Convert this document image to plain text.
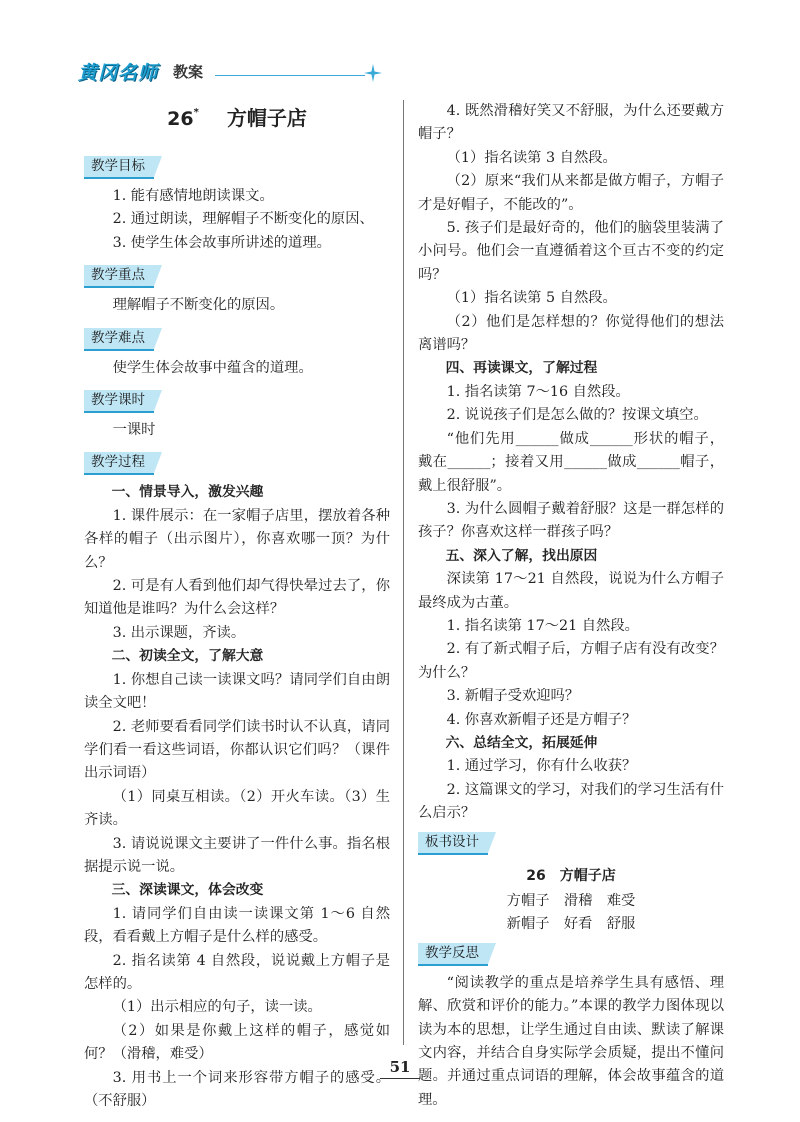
黄冈名师 教案
26* 方帽子店
教学目标

1. 能有感情地朗读课文。

2. 通过朗读，理解帽子不断变化的原因、

3. 使学生体会故事所讲述的道理。

教学重点

理解帽子不断变化的原因。

教学难点

使学生体会故事中蕴含的道理。

教学课时

一课时

教学过程

一、情景导入，激发兴趣

1. 课件展示：在一家帽子店里，摆放着各种各样的帽子（出示图片），你喜欢哪一顶？为什么？

2. 可是有人看到他们却气得快晕过去了，你知道他是谁吗？为什么会这样？

3. 出示课题，齐读。

二、初读全文，了解大意

1. 你想自己读一读课文吗？请同学们自由朗读全文吧！

2. 老师要看看同学们读书时认不认真，请同学们看一看这些词语，你都认识它们吗？（课件出示词语）

（1）同桌互相读。（2）开火车读。（3）生齐读。

3. 请说说课文主要讲了一件什么事。指名根据提示说一说。

三、深读课文，体会改变

1. 请同学们自由读一读课文第 1～6 自然段，看看戴上方帽子是什么样的感受。

2. 指名读第 4 自然段，说说戴上方帽子是怎样的。

（1）出示相应的句子，读一读。

（2）如果是你戴上这样的帽子，感觉如何？（滑稽，难受）

3. 用书上一个词来形容带方帽子的感受。（不舒服）

4. 既然滑稽好笑又不舒服，为什么还要戴方帽子？

（1）指名读第 3 自然段。

（2）原来“我们从来都是做方帽子，方帽子才是好帽子，不能改的”。

5. 孩子们是最好奇的，他们的脑袋里装满了小问号。他们会一直遵循着这个亘古不变的约定吗？

（1）指名读第 5 自然段。

（2）他们是怎样想的？你觉得他们的想法离谱吗？

四、再读课文，了解过程

1. 指名读第 7～16 自然段。

2. 说说孩子们是怎么做的？按课文填空。

“他们先用______做成______形状的帽子，戴在______；接着又用______做成______帽子，戴上很舒服”。

3. 为什么圆帽子戴着舒服？这是一群怎样的孩子？你喜欢这样一群孩子吗？

五、深入了解，找出原因

深读第 17～21 自然段，说说为什么方帽子最终成为古董。

1. 指名读第 17～21 自然段。

2. 有了新式帽子后，方帽子店有没有改变？为什么？

3. 新帽子受欢迎吗？

4. 你喜欢新帽子还是方帽子？

六、总结全文，拓展延伸

1. 通过学习，你有什么收获？

2. 这篇课文的学习，对我们的学习生活有什么启示？

板书设计
26　方帽子店

方帽子　滑稽　难受

新帽子　好看　舒服

教学反思

“阅读教学的重点是培养学生具有感悟、理解、欣赏和评价的能力。”本课的教学力图体现以读为本的思想，让学生通过自由读、默读了解课文内容，并结合自身实际学会质疑，提出不懂问题。并通过重点词语的理解，体会故事蕴含的道理。

51
